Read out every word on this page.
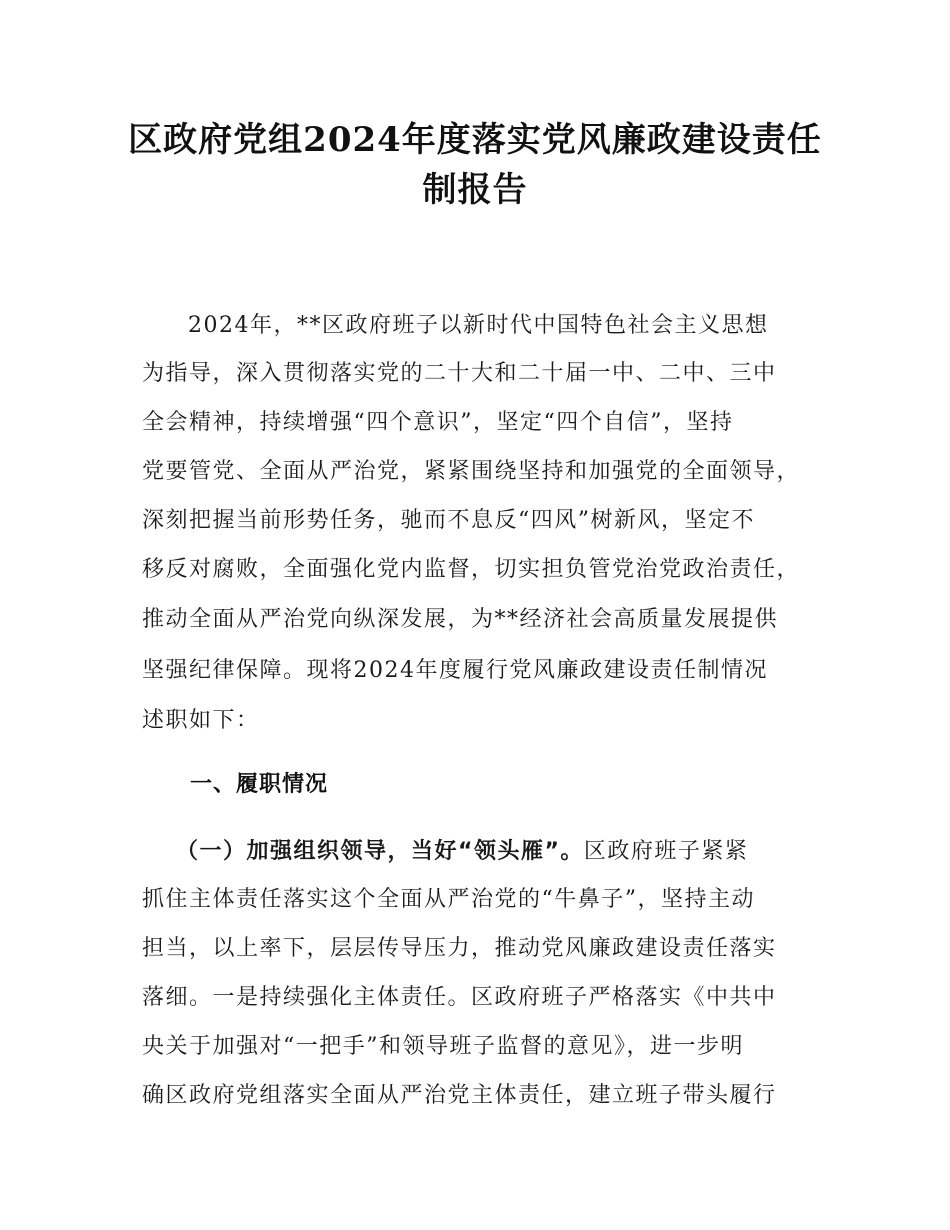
区政府党组2024年度落实党风廉政建设责任
制报告
2024年，**区政府班子以新时代中国特色社会主义思想
为指导，深入贯彻落实党的二十大和二十届一中、二中、三中
全会精神，持续增强“四个意识”，坚定“四个自信”，坚持
党要管党、全面从严治党，紧紧围绕坚持和加强党的全面领导，
深刻把握当前形势任务，驰而不息反“四风”树新风，坚定不
移反对腐败，全面强化党内监督，切实担负管党治党政治责任，
推动全面从严治党向纵深发展，为**经济社会高质量发展提供
坚强纪律保障。现将2024年度履行党风廉政建设责任制情况
述职如下：
一、履职情况
（一）加强组织领导，当好“领头雁”。区政府班子紧紧
抓住主体责任落实这个全面从严治党的“牛鼻子”，坚持主动
担当，以上率下，层层传导压力，推动党风廉政建设责任落实
落细。一是持续强化主体责任。区政府班子严格落实《中共中
央关于加强对“一把手”和领导班子监督的意见》，进一步明
确区政府党组落实全面从严治党主体责任，建立班子带头履行
